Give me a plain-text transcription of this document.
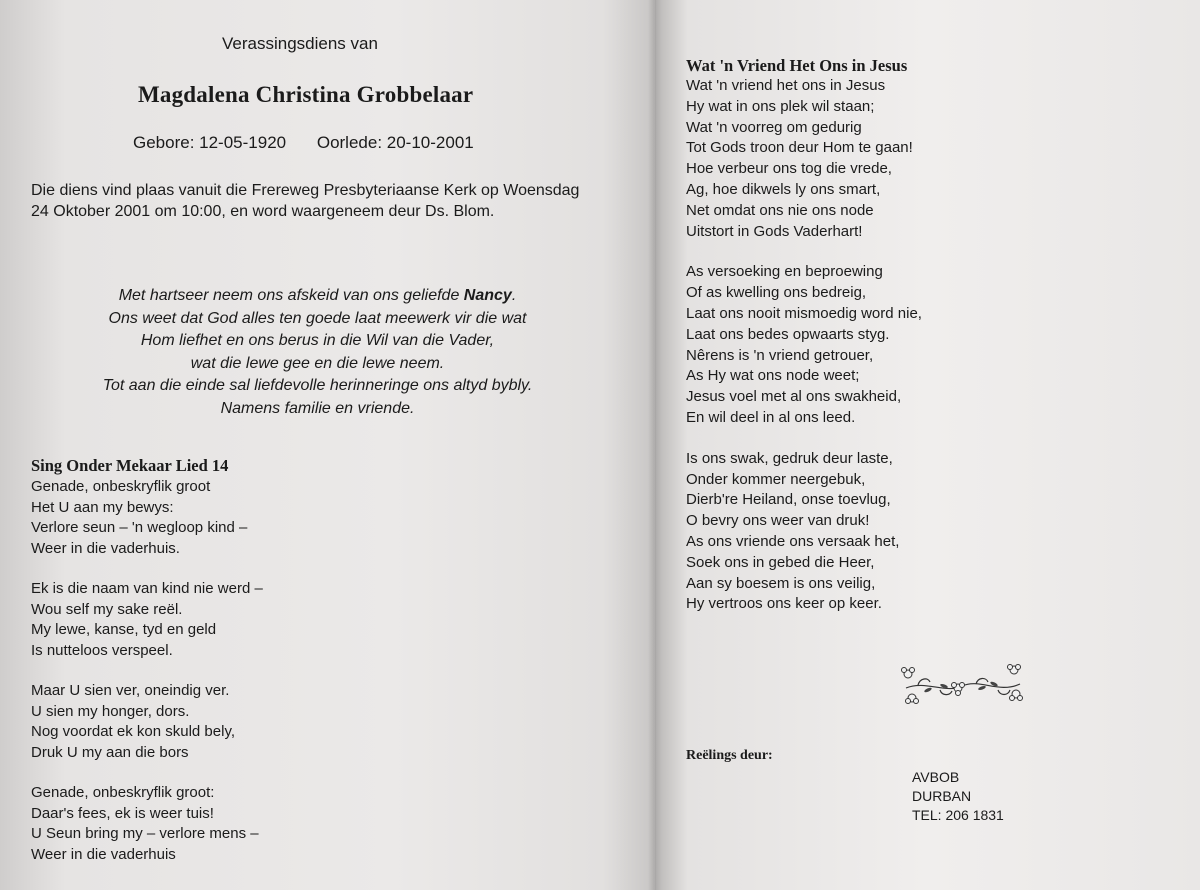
Verassingsdiens van
Magdalena Christina Grobbelaar
Gebore: 12-05-1920 Oorlede: 20-10-2001
Die diens vind plaas vanuit die Frereweg Presbyteriaanse Kerk op Woensdag 24 Oktober 2001 om 10:00, en word waargeneem deur Ds. Blom.
Met hartseer neem ons afskeid van ons geliefde Nancy.
Ons weet dat God alles ten goede laat meewerk vir die wat
Hom liefhet en ons berus in die Wil van die Vader,
wat die lewe gee en die lewe neem.
Tot aan die einde sal liefdevolle herinneringe ons altyd bybly.
Namens familie en vriende.
Sing Onder Mekaar Lied 14
Genade, onbeskryflik groot
Het U aan my bewys:
Verlore seun – 'n wegloop kind –
Weer in die vaderhuis.
Ek is die naam van kind nie werd –
Wou self my sake reël.
My lewe, kanse, tyd en geld
Is nutteloos verspeel.
Maar U sien ver, oneindig ver.
U sien my honger, dors.
Nog voordat ek kon skuld bely,
Druk U my aan die bors
Genade, onbeskryflik groot:
Daar's fees, ek is weer tuis!
U Seun bring my – verlore mens –
Weer in die vaderhuis
Wat 'n Vriend Het Ons in Jesus
Wat 'n vriend het ons in Jesus
Hy wat in ons plek wil staan;
Wat 'n voorreg om gedurig
Tot Gods troon deur Hom te gaan!
Hoe verbeur ons tog die vrede,
Ag, hoe dikwels ly ons smart,
Net omdat ons nie ons node
Uitstort in Gods Vaderhart!
As versoeking en beproewing
Of as kwelling ons bedreig,
Laat ons nooit mismoedig word nie,
Laat ons bedes opwaarts styg.
Nêrens is 'n vriend getrouer,
As Hy wat ons node weet;
Jesus voel met al ons swakheid,
En wil deel in al ons leed.
Is ons swak, gedruk deur laste,
Onder kommer neergebuk,
Dierb're Heiland, onse toevlug,
O bevry ons weer van druk!
As ons vriende ons versaak het,
Soek ons in gebed die Heer,
Aan sy boesem is ons veilig,
Hy vertroos ons keer op keer.
Reëlings deur:
AVBOB
DURBAN
TEL: 206 1831
